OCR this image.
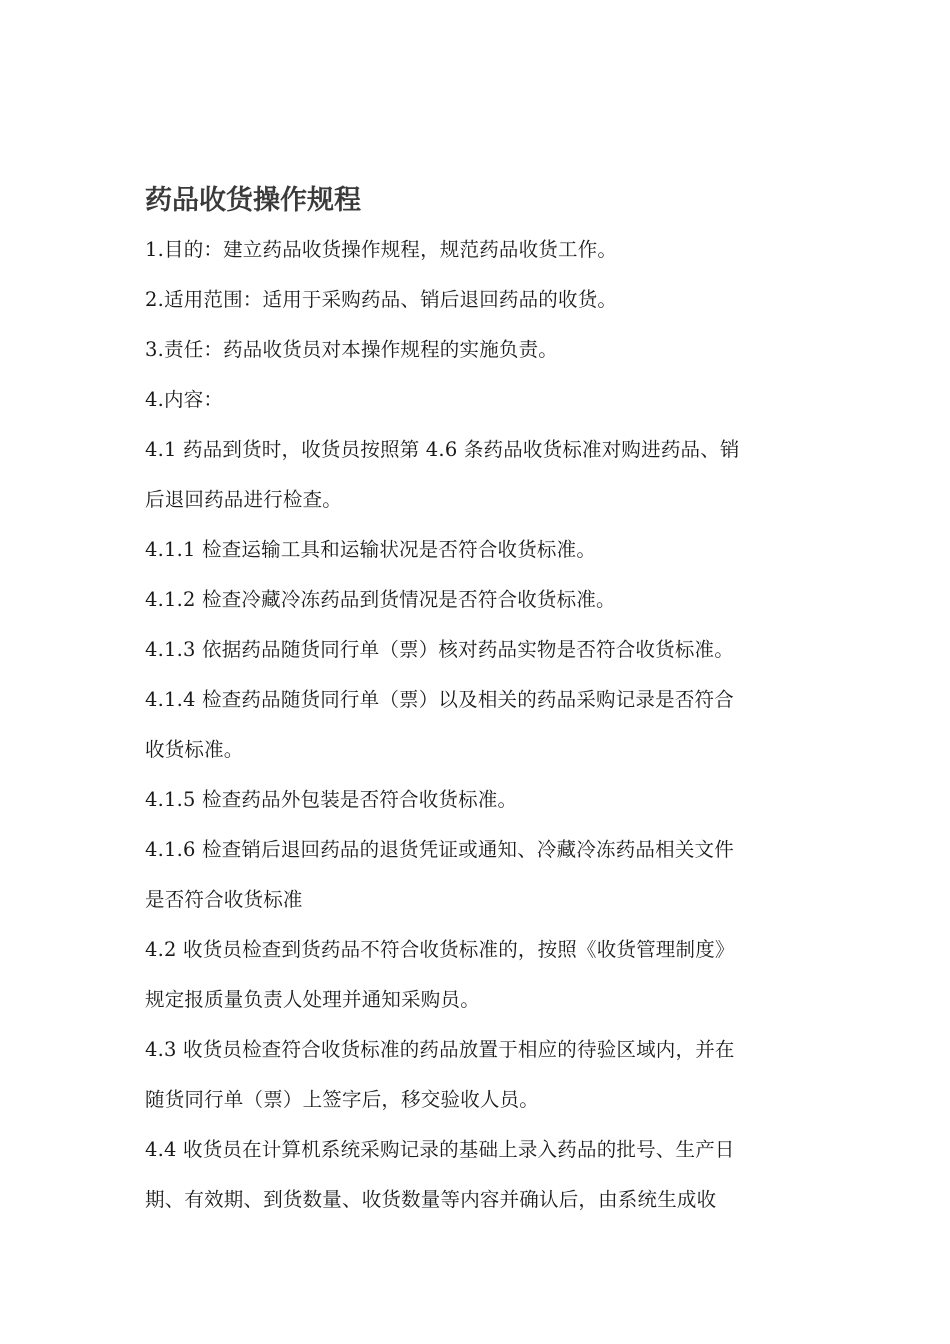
药品收货操作规程

1.目的：建立药品收货操作规程，规范药品收货工作。

2.适用范围：适用于采购药品、销后退回药品的收货。

3.责任：药品收货员对本操作规程的实施负责。

4.内容：

4.1 药品到货时，收货员按照第 4.6 条药品收货标准对购进药品、销
后退回药品进行检查。

4.1.1 检查运输工具和运输状况是否符合收货标准。

4.1.2 检查冷藏冷冻药品到货情况是否符合收货标准。

4.1.3 依据药品随货同行单（票）核对药品实物是否符合收货标准。

4.1.4 检查药品随货同行单（票）以及相关的药品采购记录是否符合
收货标准。

4.1.5 检查药品外包装是否符合收货标准。

4.1.6 检查销后退回药品的退货凭证或通知、冷藏冷冻药品相关文件
是否符合收货标准

4.2 收货员检查到货药品不符合收货标准的，按照《收货管理制度》
规定报质量负责人处理并通知采购员。

4.3 收货员检查符合收货标准的药品放置于相应的待验区域内，并在
随货同行单（票）上签字后，移交验收人员。

4.4 收货员在计算机系统采购记录的基础上录入药品的批号、生产日
期、有效期、到货数量、收货数量等内容并确认后，由系统生成收
